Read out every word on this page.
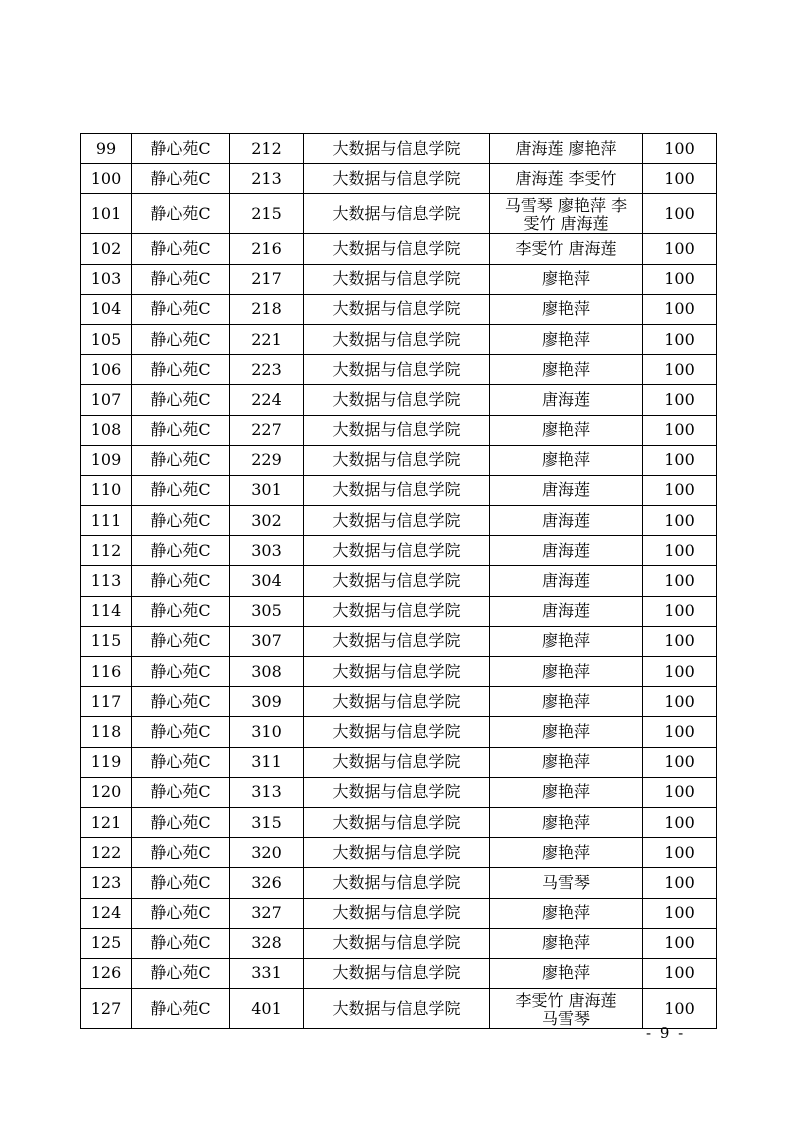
99	静心苑C	212	大数据与信息学院	唐海莲 廖艳萍	100
100	静心苑C	213	大数据与信息学院	唐海莲 李雯竹	100
101	静心苑C	215	大数据与信息学院	马雪琴 廖艳萍 李
雯竹 唐海莲	100
102	静心苑C	216	大数据与信息学院	李雯竹 唐海莲	100
103	静心苑C	217	大数据与信息学院	廖艳萍	100
104	静心苑C	218	大数据与信息学院	廖艳萍	100
105	静心苑C	221	大数据与信息学院	廖艳萍	100
106	静心苑C	223	大数据与信息学院	廖艳萍	100
107	静心苑C	224	大数据与信息学院	唐海莲	100
108	静心苑C	227	大数据与信息学院	廖艳萍	100
109	静心苑C	229	大数据与信息学院	廖艳萍	100
110	静心苑C	301	大数据与信息学院	唐海莲	100
111	静心苑C	302	大数据与信息学院	唐海莲	100
112	静心苑C	303	大数据与信息学院	唐海莲	100
113	静心苑C	304	大数据与信息学院	唐海莲	100
114	静心苑C	305	大数据与信息学院	唐海莲	100
115	静心苑C	307	大数据与信息学院	廖艳萍	100
116	静心苑C	308	大数据与信息学院	廖艳萍	100
117	静心苑C	309	大数据与信息学院	廖艳萍	100
118	静心苑C	310	大数据与信息学院	廖艳萍	100
119	静心苑C	311	大数据与信息学院	廖艳萍	100
120	静心苑C	313	大数据与信息学院	廖艳萍	100
121	静心苑C	315	大数据与信息学院	廖艳萍	100
122	静心苑C	320	大数据与信息学院	廖艳萍	100
123	静心苑C	326	大数据与信息学院	马雪琴	100
124	静心苑C	327	大数据与信息学院	廖艳萍	100
125	静心苑C	328	大数据与信息学院	廖艳萍	100
126	静心苑C	331	大数据与信息学院	廖艳萍	100
127	静心苑C	401	大数据与信息学院	李雯竹 唐海莲
马雪琴	100
- 9 -
